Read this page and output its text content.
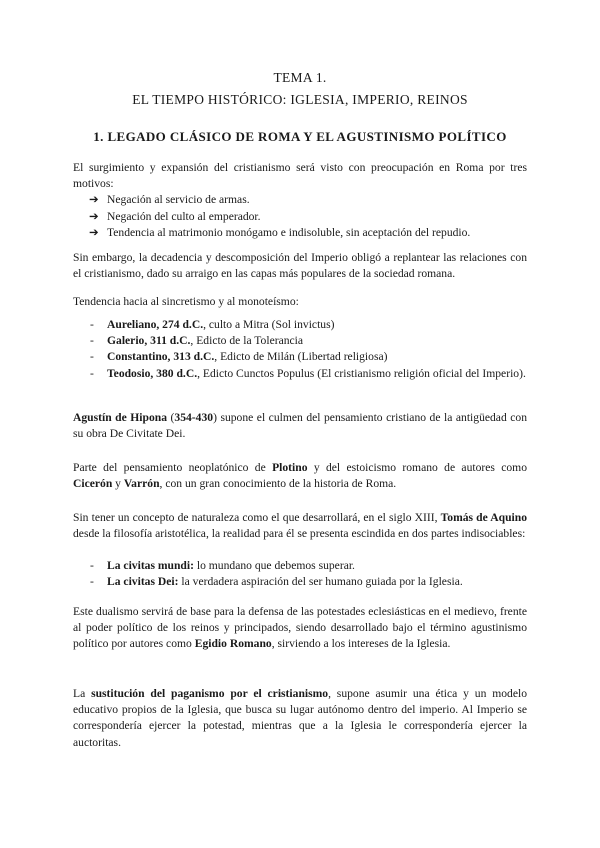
TEMA 1.
EL TIEMPO HISTÓRICO: IGLESIA, IMPERIO, REINOS
1. LEGADO CLÁSICO DE ROMA Y EL AGUSTINISMO POLÍTICO
El surgimiento y expansión del cristianismo será visto con preocupación en Roma por tres motivos:
➔ Negación al servicio de armas.
➔ Negación del culto al emperador.
➔ Tendencia al matrimonio monógamo e indisoluble, sin aceptación del repudio.
Sin embargo, la decadencia y descomposición del Imperio obligó a replantear las relaciones con el cristianismo, dado su arraigo en las capas más populares de la sociedad romana.
Tendencia hacia al sincretismo y al monoteísmo:
- Aureliano, 274 d.C., culto a Mitra (Sol invictus)
- Galerio, 311 d.C., Edicto de la Tolerancia
- Constantino, 313 d.C., Edicto de Milán (Libertad religiosa)
- Teodosio, 380 d.C., Edicto Cunctos Populus (El cristianismo religión oficial del Imperio).
Agustín de Hipona (354-430) supone el culmen del pensamiento cristiano de la antigüedad con su obra De Civitate Dei.
Parte del pensamiento neoplatónico de Plotino y del estoicismo romano de autores como Cicerón y Varrón, con un gran conocimiento de la historia de Roma.
Sin tener un concepto de naturaleza como el que desarrollará, en el siglo XIII, Tomás de Aquino desde la filosofía aristotélica, la realidad para él se presenta escindida en dos partes indisociables:
- La civitas mundi: lo mundano que debemos superar.
- La civitas Dei: la verdadera aspiración del ser humano guiada por la Iglesia.
Este dualismo servirá de base para la defensa de las potestades eclesiásticas en el medievo, frente al poder político de los reinos y principados, siendo desarrollado bajo el término agustinismo político por autores como Egidio Romano, sirviendo a los intereses de la Iglesia.
La sustitución del paganismo por el cristianismo, supone asumir una ética y un modelo educativo propios de la Iglesia, que busca su lugar autónomo dentro del imperio. Al Imperio se correspondería ejercer la potestad, mientras que a la Iglesia le correspondería ejercer la auctoritas.
